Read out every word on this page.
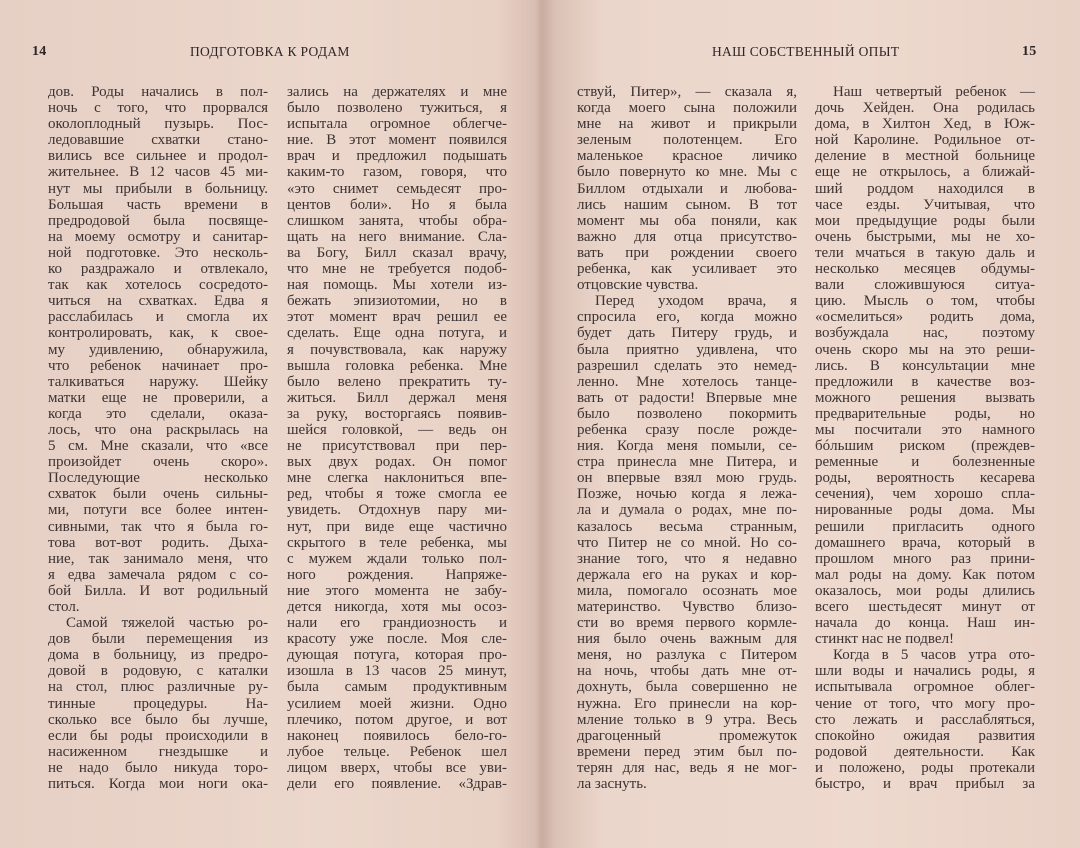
14	ПОДГОТОВКА К РОДАМ
дов. Роды начались в пол-
ночь с того, что прорвался
околоплодный пузырь. Пос-
ледовавшие схватки стано-
вились все сильнее и продол-
жительнее. В 12 часов 45 ми-
нут мы прибыли в больницу.
Большая часть времени в
предродовой была посвяще-
на моему осмотру и санитар-
ной подготовке. Это несколь-
ко раздражало и отвлекало,
так как хотелось сосредото-
читься на схватках. Едва я
расслабилась и смогла их
контролировать, как, к свое-
му удивлению, обнаружила,
что ребенок начинает про-
талкиваться наружу. Шейку
матки еще не проверили, а
когда это сделали, оказа-
лось, что она раскрылась на
5 см. Мне сказали, что «все
произойдет очень скоро».
Последующие несколько
схваток были очень сильны-
ми, потуги все более интен-
сивными, так что я была го-
това вот-вот родить. Дыха-
ние, так занимало меня, что
я едва замечала рядом с со-
бой Билла. И вот родильный
стол.
Самой тяжелой частью ро-
дов были перемещения из
дома в больницу, из предро-
довой в родовую, с каталки
на стол, плюс различные ру-
тинные процедуры. На-
сколько все было бы лучше,
если бы роды происходили в
насиженном гнездышке и
не надо было никуда торо-
питься. Когда мои ноги ока-
зались на держателях и мне
было позволено тужиться, я
испытала огромное облегче-
ние. В этот момент появился
врач и предложил подышать
каким-то газом, говоря, что
«это снимет семьдесят про-
центов боли». Но я была
слишком занята, чтобы обра-
щать на него внимание. Сла-
ва Богу, Билл сказал врачу,
что мне не требуется подоб-
ная помощь. Мы хотели из-
бежать эпизиотомии, но в
этот момент врач решил ее
сделать. Еще одна потуга, и
я почувствовала, как наружу
вышла головка ребенка. Мне
было велено прекратить ту-
житься. Билл держал меня
за руку, восторгаясь появив-
шейся головкой, — ведь он
не присутствовал при пер-
вых двух родах. Он помог
мне слегка наклониться впе-
ред, чтобы я тоже смогла ее
увидеть. Отдохнув пару ми-
нут, при виде еще частично
скрытого в теле ребенка, мы
с мужем ждали только пол-
ного рождения. Напряже-
ние этого момента не забу-
дется никогда, хотя мы осоз-
нали его грандиозность и
красоту уже после. Моя сле-
дующая потуга, которая про-
изошла в 13 часов 25 минут,
была самым продуктивным
усилием моей жизни. Одно
плечико, потом другое, и вот
наконец появилось бело-го-
лубое тельце. Ребенок шел
лицом вверх, чтобы все уви-
дели его появление. «Здрав-
НАШ СОБСТВЕННЫЙ ОПЫТ	15
ствуй, Питер», — сказала я,
когда моего сына положили
мне на живот и прикрыли
зеленым полотенцем. Его
маленькое красное личико
было повернуто ко мне. Мы с
Биллом отдыхали и любова-
лись нашим сыном. В тот
момент мы оба поняли, как
важно для отца присутство-
вать при рождении своего
ребенка, как усиливает это
отцовские чувства.
Перед уходом врача, я
спросила его, когда можно
будет дать Питеру грудь, и
была приятно удивлена, что
разрешил сделать это немед-
ленно. Мне хотелось танце-
вать от радости! Впервые мне
было позволено покормить
ребенка сразу после рожде-
ния. Когда меня помыли, се-
стра принесла мне Питера, и
он впервые взял мою грудь.
Позже, ночью когда я лежа-
ла и думала о родах, мне по-
казалось весьма странным,
что Питер не со мной. Но со-
знание того, что я недавно
держала его на руках и кор-
мила, помогало осознать мое
материнство. Чувство близо-
сти во время первого кормле-
ния было очень важным для
меня, но разлука с Питером
на ночь, чтобы дать мне от-
дохнуть, была совершенно не
нужна. Его принесли на кор-
мление только в 9 утра. Весь
драгоценный промежуток
времени перед этим был по-
терян для нас, ведь я не мог-
ла заснуть.
Наш четвертый ребенок —
дочь Хейден. Она родилась
дома, в Хилтон Хед, в Юж-
ной Каролине. Родильное от-
деление в местной больнице
еще не открылось, а ближай-
ший роддом находился в
часе езды. Учитывая, что
мои предыдущие роды были
очень быстрыми, мы не хо-
тели мчаться в такую даль и
несколько месяцев обдумы-
вали сложившуюся ситуа-
цию. Мысль о том, чтобы
«осмелиться» родить дома,
возбуждала нас, поэтому
очень скоро мы на это реши-
лись. В консультации мне
предложили в качестве воз-
можного решения вызвать
предварительные роды, но
мы посчитали это намного
бóльшим риском (преждев-
ременные и болезненные
роды, вероятность кесарева
сечения), чем хорошо спла-
нированные роды дома. Мы
решили пригласить одного
домашнего врача, который в
прошлом много раз прини-
мал роды на дому. Как потом
оказалось, мои роды длились
всего шестьдесят минут от
начала до конца. Наш ин-
стинкт нас не подвел!
Когда в 5 часов утра ото-
шли воды и начались роды, я
испытывала огромное облег-
чение от того, что могу про-
сто лежать и расслабляться,
спокойно ожидая развития
родовой деятельности. Как
и положено, роды протекали
быстро, и врач прибыл за
